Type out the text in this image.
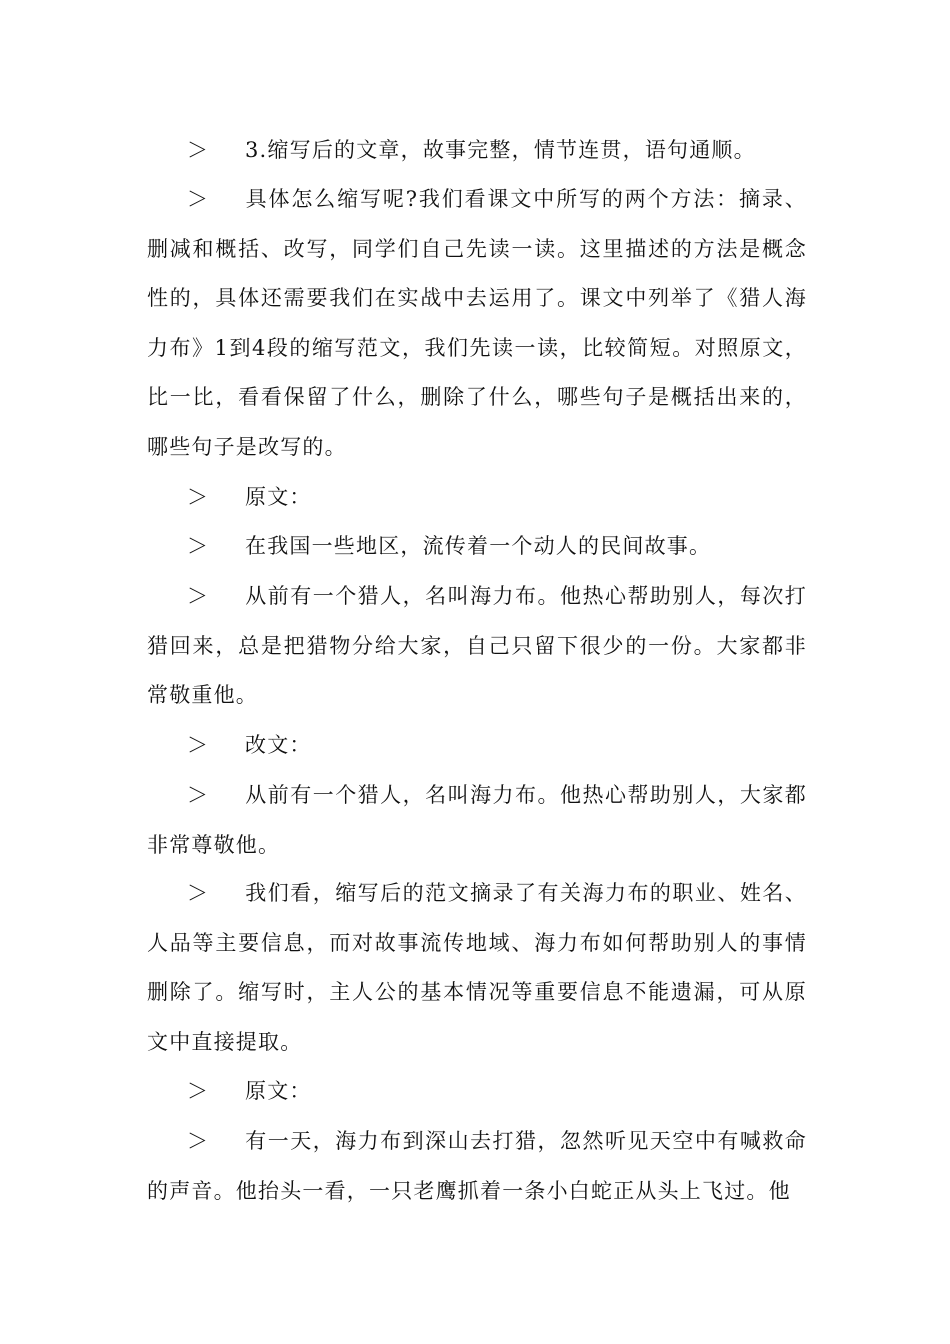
＞ 3.缩写后的文章，故事完整，情节连贯，语句通顺。
＞ 具体怎么缩写呢?我们看课文中所写的两个方法：摘录、删减和概括、改写，同学们自己先读一读。这里描述的方法是概念性的，具体还需要我们在实战中去运用了。课文中列举了《猎人海力布》1到4段的缩写范文，我们先读一读，比较简短。对照原文，比一比，看看保留了什么，删除了什么，哪些句子是概括出来的，哪些句子是改写的。
＞ 原文：
＞ 在我国一些地区，流传着一个动人的民间故事。
＞ 从前有一个猎人，名叫海力布。他热心帮助别人，每次打猎回来，总是把猎物分给大家，自己只留下很少的一份。大家都非常敬重他。
＞ 改文：
＞ 从前有一个猎人，名叫海力布。他热心帮助别人，大家都非常尊敬他。
＞ 我们看，缩写后的范文摘录了有关海力布的职业、姓名、人品等主要信息，而对故事流传地域、海力布如何帮助别人的事情删除了。缩写时，主人公的基本情况等重要信息不能遗漏，可从原文中直接提取。
＞ 原文：
＞ 有一天，海力布到深山去打猎，忽然听见天空中有喊救命的声音。他抬头一看，一只老鹰抓着一条小白蛇正从头上飞过。他
